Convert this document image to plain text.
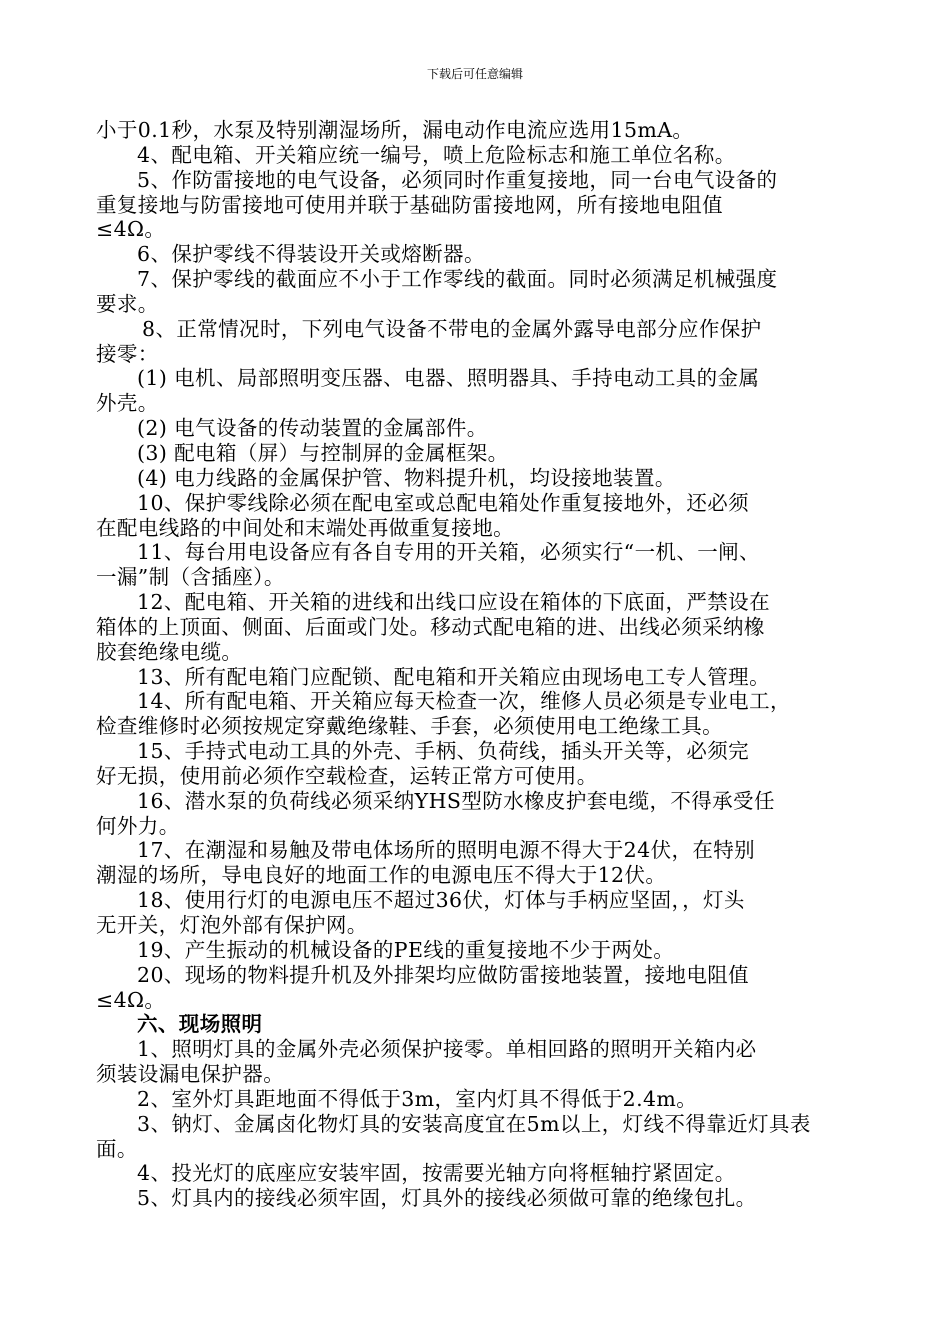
下载后可任意编辑
小于0.1秒，水泵及特别潮湿场所，漏电动作电流应选用15mA。
4、配电箱、开关箱应统一编号，喷上危险标志和施工单位名称。
5、作防雷接地的电气设备，必须同时作重复接地，同一台电气设备的
重复接地与防雷接地可使用并联于基础防雷接地网，所有接地电阻值
≤4Ω。
6、保护零线不得装设开关或熔断器。
7、保护零线的截面应不小于工作零线的截面。同时必须满足机械强度
要求。
8、正常情况时，下列电气设备不带电的金属外露导电部分应作保护
接零：
(1) 电机、局部照明变压器、电器、照明器具、手持电动工具的金属
外壳。
(2) 电气设备的传动装置的金属部件。
(3) 配电箱（屏）与控制屏的金属框架。
(4) 电力线路的金属保护管、物料提升机，均设接地装置。
10、保护零线除必须在配电室或总配电箱处作重复接地外，还必须
在配电线路的中间处和末端处再做重复接地。
11、每台用电设备应有各自专用的开关箱，必须实行“一机、一闸、
一漏”制（含插座）。
12、配电箱、开关箱的进线和出线口应设在箱体的下底面，严禁设在
箱体的上顶面、侧面、后面或门处。移动式配电箱的进、出线必须采纳橡
胶套绝缘电缆。
13、所有配电箱门应配锁、配电箱和开关箱应由现场电工专人管理。
14、所有配电箱、开关箱应每天检查一次，维修人员必须是专业电工，
检查维修时必须按规定穿戴绝缘鞋、手套，必须使用电工绝缘工具。
15、手持式电动工具的外壳、手柄、负荷线，插头开关等，必须完
好无损，使用前必须作空载检查，运转正常方可使用。
16、潜水泵的负荷线必须采纳YHS型防水橡皮护套电缆，不得承受任
何外力。
17、在潮湿和易触及带电体场所的照明电源不得大于24伏，在特别
潮湿的场所，导电良好的地面工作的电源电压不得大于12伏。
18、使用行灯的电源电压不超过36伏，灯体与手柄应坚固，，灯头
无开关，灯泡外部有保护网。
19、产生振动的机械设备的PE线的重复接地不少于两处。
20、现场的物料提升机及外排架均应做防雷接地装置，接地电阻值
≤4Ω。
六、现场照明
1、照明灯具的金属外壳必须保护接零。单相回路的照明开关箱内必
须装设漏电保护器。
2、室外灯具距地面不得低于3m，室内灯具不得低于2.4m。
3、钠灯、金属卤化物灯具的安装高度宜在5m以上，灯线不得靠近灯具表
面。
4、投光灯的底座应安装牢固，按需要光轴方向将框轴拧紧固定。
5、灯具内的接线必须牢固，灯具外的接线必须做可靠的绝缘包扎。
